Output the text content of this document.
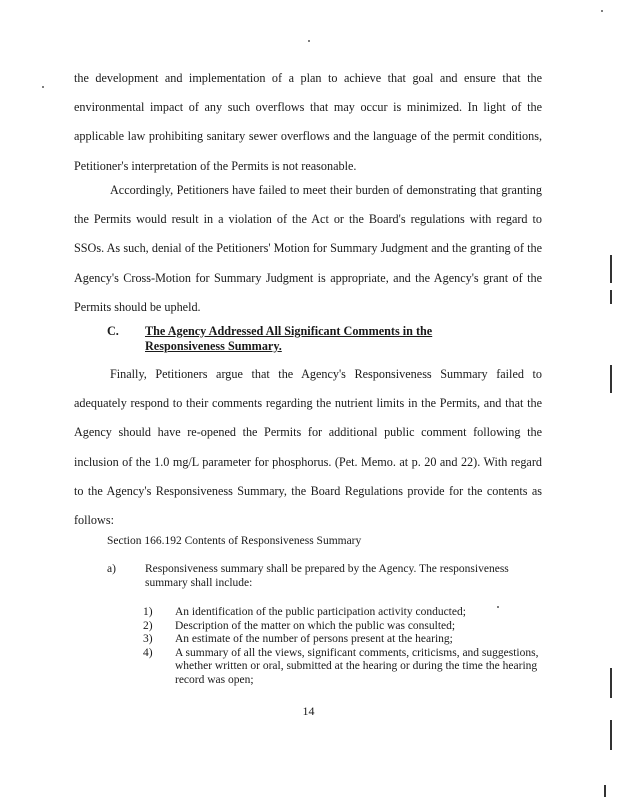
the development and implementation of a plan to achieve that goal and ensure that the environmental impact of any such overflows that may occur is minimized. In light of the applicable law prohibiting sanitary sewer overflows and the language of the permit conditions, Petitioner's interpretation of the Permits is not reasonable.

Accordingly, Petitioners have failed to meet their burden of demonstrating that granting the Permits would result in a violation of the Act or the Board's regulations with regard to SSOs. As such, denial of the Petitioners' Motion for Summary Judgment and the granting of the Agency's Cross-Motion for Summary Judgment is appropriate, and the Agency's grant of the Permits should be upheld.

C. The Agency Addressed All Significant Comments in the Responsiveness Summary.

Finally, Petitioners argue that the Agency's Responsiveness Summary failed to adequately respond to their comments regarding the nutrient limits in the Permits, and that the Agency should have re-opened the Permits for additional public comment following the inclusion of the 1.0 mg/L parameter for phosphorus. (Pet. Memo. at p. 20 and 22). With regard to the Agency's Responsiveness Summary, the Board Regulations provide for the contents as follows:

Section 166.192 Contents of Responsiveness Summary
a)	Responsiveness summary shall be prepared by the Agency. The responsiveness summary shall include:
1) An identification of the public participation activity conducted;
2) Description of the matter on which the public was consulted;
3) An estimate of the number of persons present at the hearing;
4) A summary of all the views, significant comments, criticisms, and suggestions, whether written or oral, submitted at the hearing or during the time the hearing record was open;
14
